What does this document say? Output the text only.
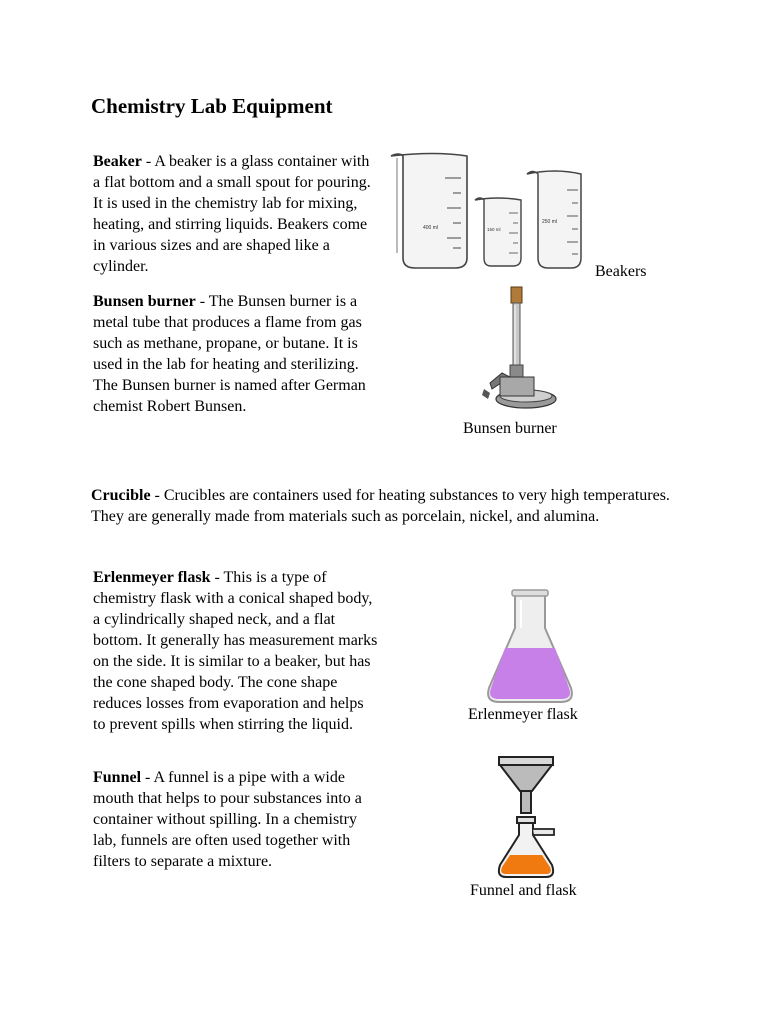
Chemistry Lab Equipment

Beaker - A beaker is a glass container with a flat bottom and a small spout for pouring. It is used in the chemistry lab for mixing, heating, and stirring liquids. Beakers come in various sizes and are shaped like a cylinder.

400 ml	150 ml
250 ml
Beakers

Bunsen burner - The Bunsen burner is a metal tube that produces a flame from gas such as methane, propane, or butane. It is used in the lab for heating and sterilizing. The Bunsen burner is named after German chemist Robert Bunsen.

Bunsen burner

Crucible - Crucibles are containers used for heating substances to very high temperatures. They are generally made from materials such as porcelain, nickel, and alumina.

Erlenmeyer flask - This is a type of chemistry flask with a conical shaped body, a cylindrically shaped neck, and a flat bottom. It generally has measurement marks on the side. It is similar to a beaker, but has the cone shaped body. The cone shape reduces losses from evaporation and helps to prevent spills when stirring the liquid.

Erlenmeyer flask

Funnel - A funnel is a pipe with a wide mouth that helps to pour substances into a container without spilling. In a chemistry lab, funnels are often used together with filters to separate a mixture.

Funnel and flask
